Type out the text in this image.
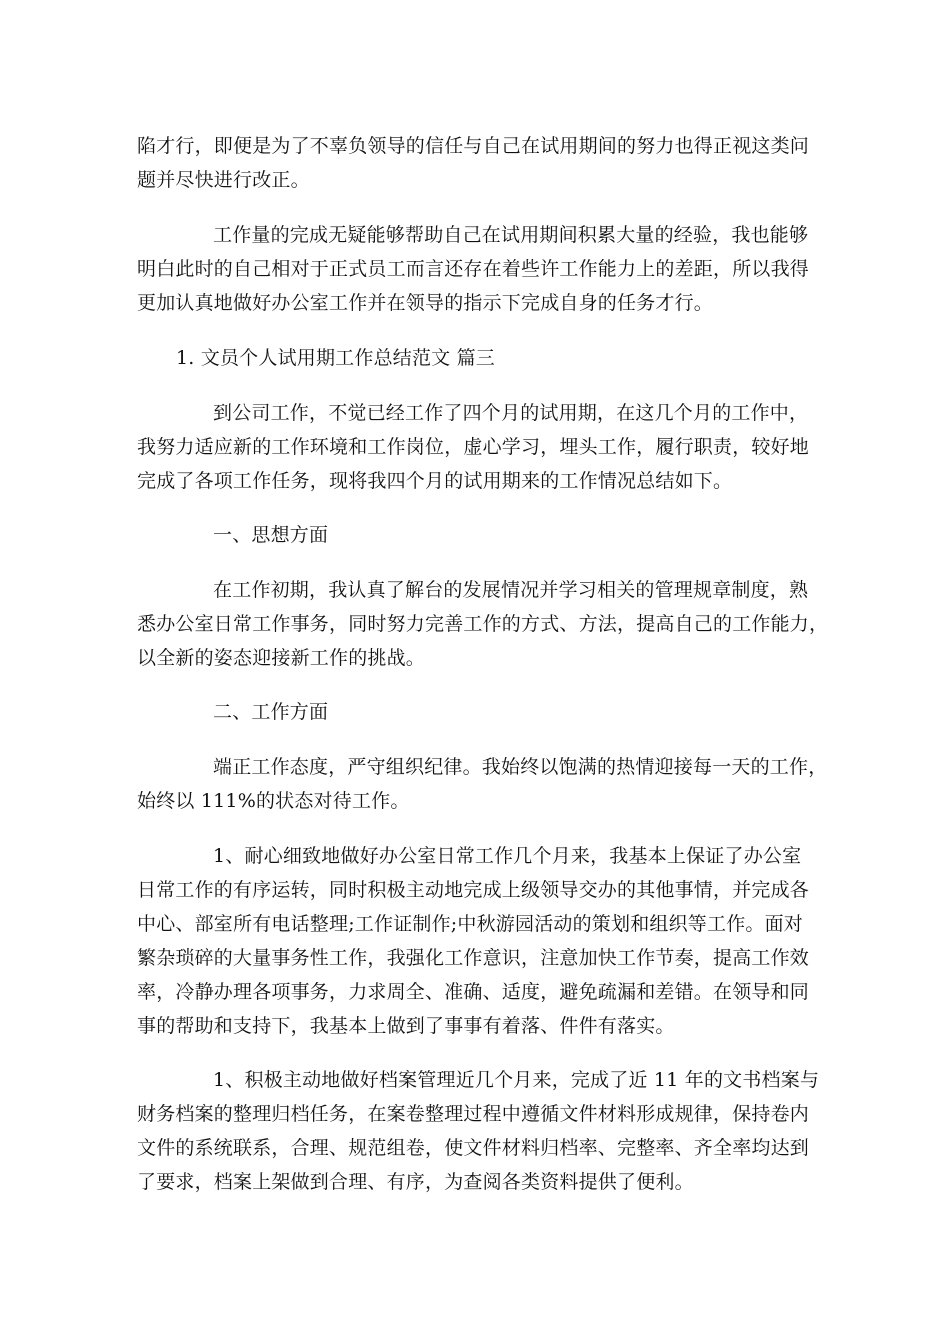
陷才行，即便是为了不辜负领导的信任与自己在试用期间的努力也得正视这类问
题并尽快进行改正。
工作量的完成无疑能够帮助自己在试用期间积累大量的经验，我也能够
明白此时的自己相对于正式员工而言还存在着些许工作能力上的差距，所以我得
更加认真地做好办公室工作并在领导的指示下完成自身的任务才行。
1. 文员个人试用期工作总结范文 篇三
到公司工作，不觉已经工作了四个月的试用期，在这几个月的工作中，
我努力适应新的工作环境和工作岗位，虚心学习，埋头工作，履行职责，较好地
完成了各项工作任务，现将我四个月的试用期来的工作情况总结如下。
一、思想方面
在工作初期，我认真了解台的发展情况并学习相关的管理规章制度，熟
悉办公室日常工作事务，同时努力完善工作的方式、方法，提高自己的工作能力，
以全新的姿态迎接新工作的挑战。
二、工作方面
端正工作态度，严守组织纪律。我始终以饱满的热情迎接每一天的工作，
始终以 111%的状态对待工作。
1、耐心细致地做好办公室日常工作几个月来，我基本上保证了办公室
日常工作的有序运转，同时积极主动地完成上级领导交办的其他事情，并完成各
中心、部室所有电话整理;工作证制作;中秋游园活动的策划和组织等工作。面对
繁杂琐碎的大量事务性工作，我强化工作意识，注意加快工作节奏，提高工作效
率，冷静办理各项事务，力求周全、准确、适度，避免疏漏和差错。在领导和同
事的帮助和支持下，我基本上做到了事事有着落、件件有落实。
1、积极主动地做好档案管理近几个月来，完成了近 11 年的文书档案与
财务档案的整理归档任务，在案卷整理过程中遵循文件材料形成规律，保持卷内
文件的系统联系，合理、规范组卷，使文件材料归档率、完整率、齐全率均达到
了要求，档案上架做到合理、有序，为查阅各类资料提供了便利。
